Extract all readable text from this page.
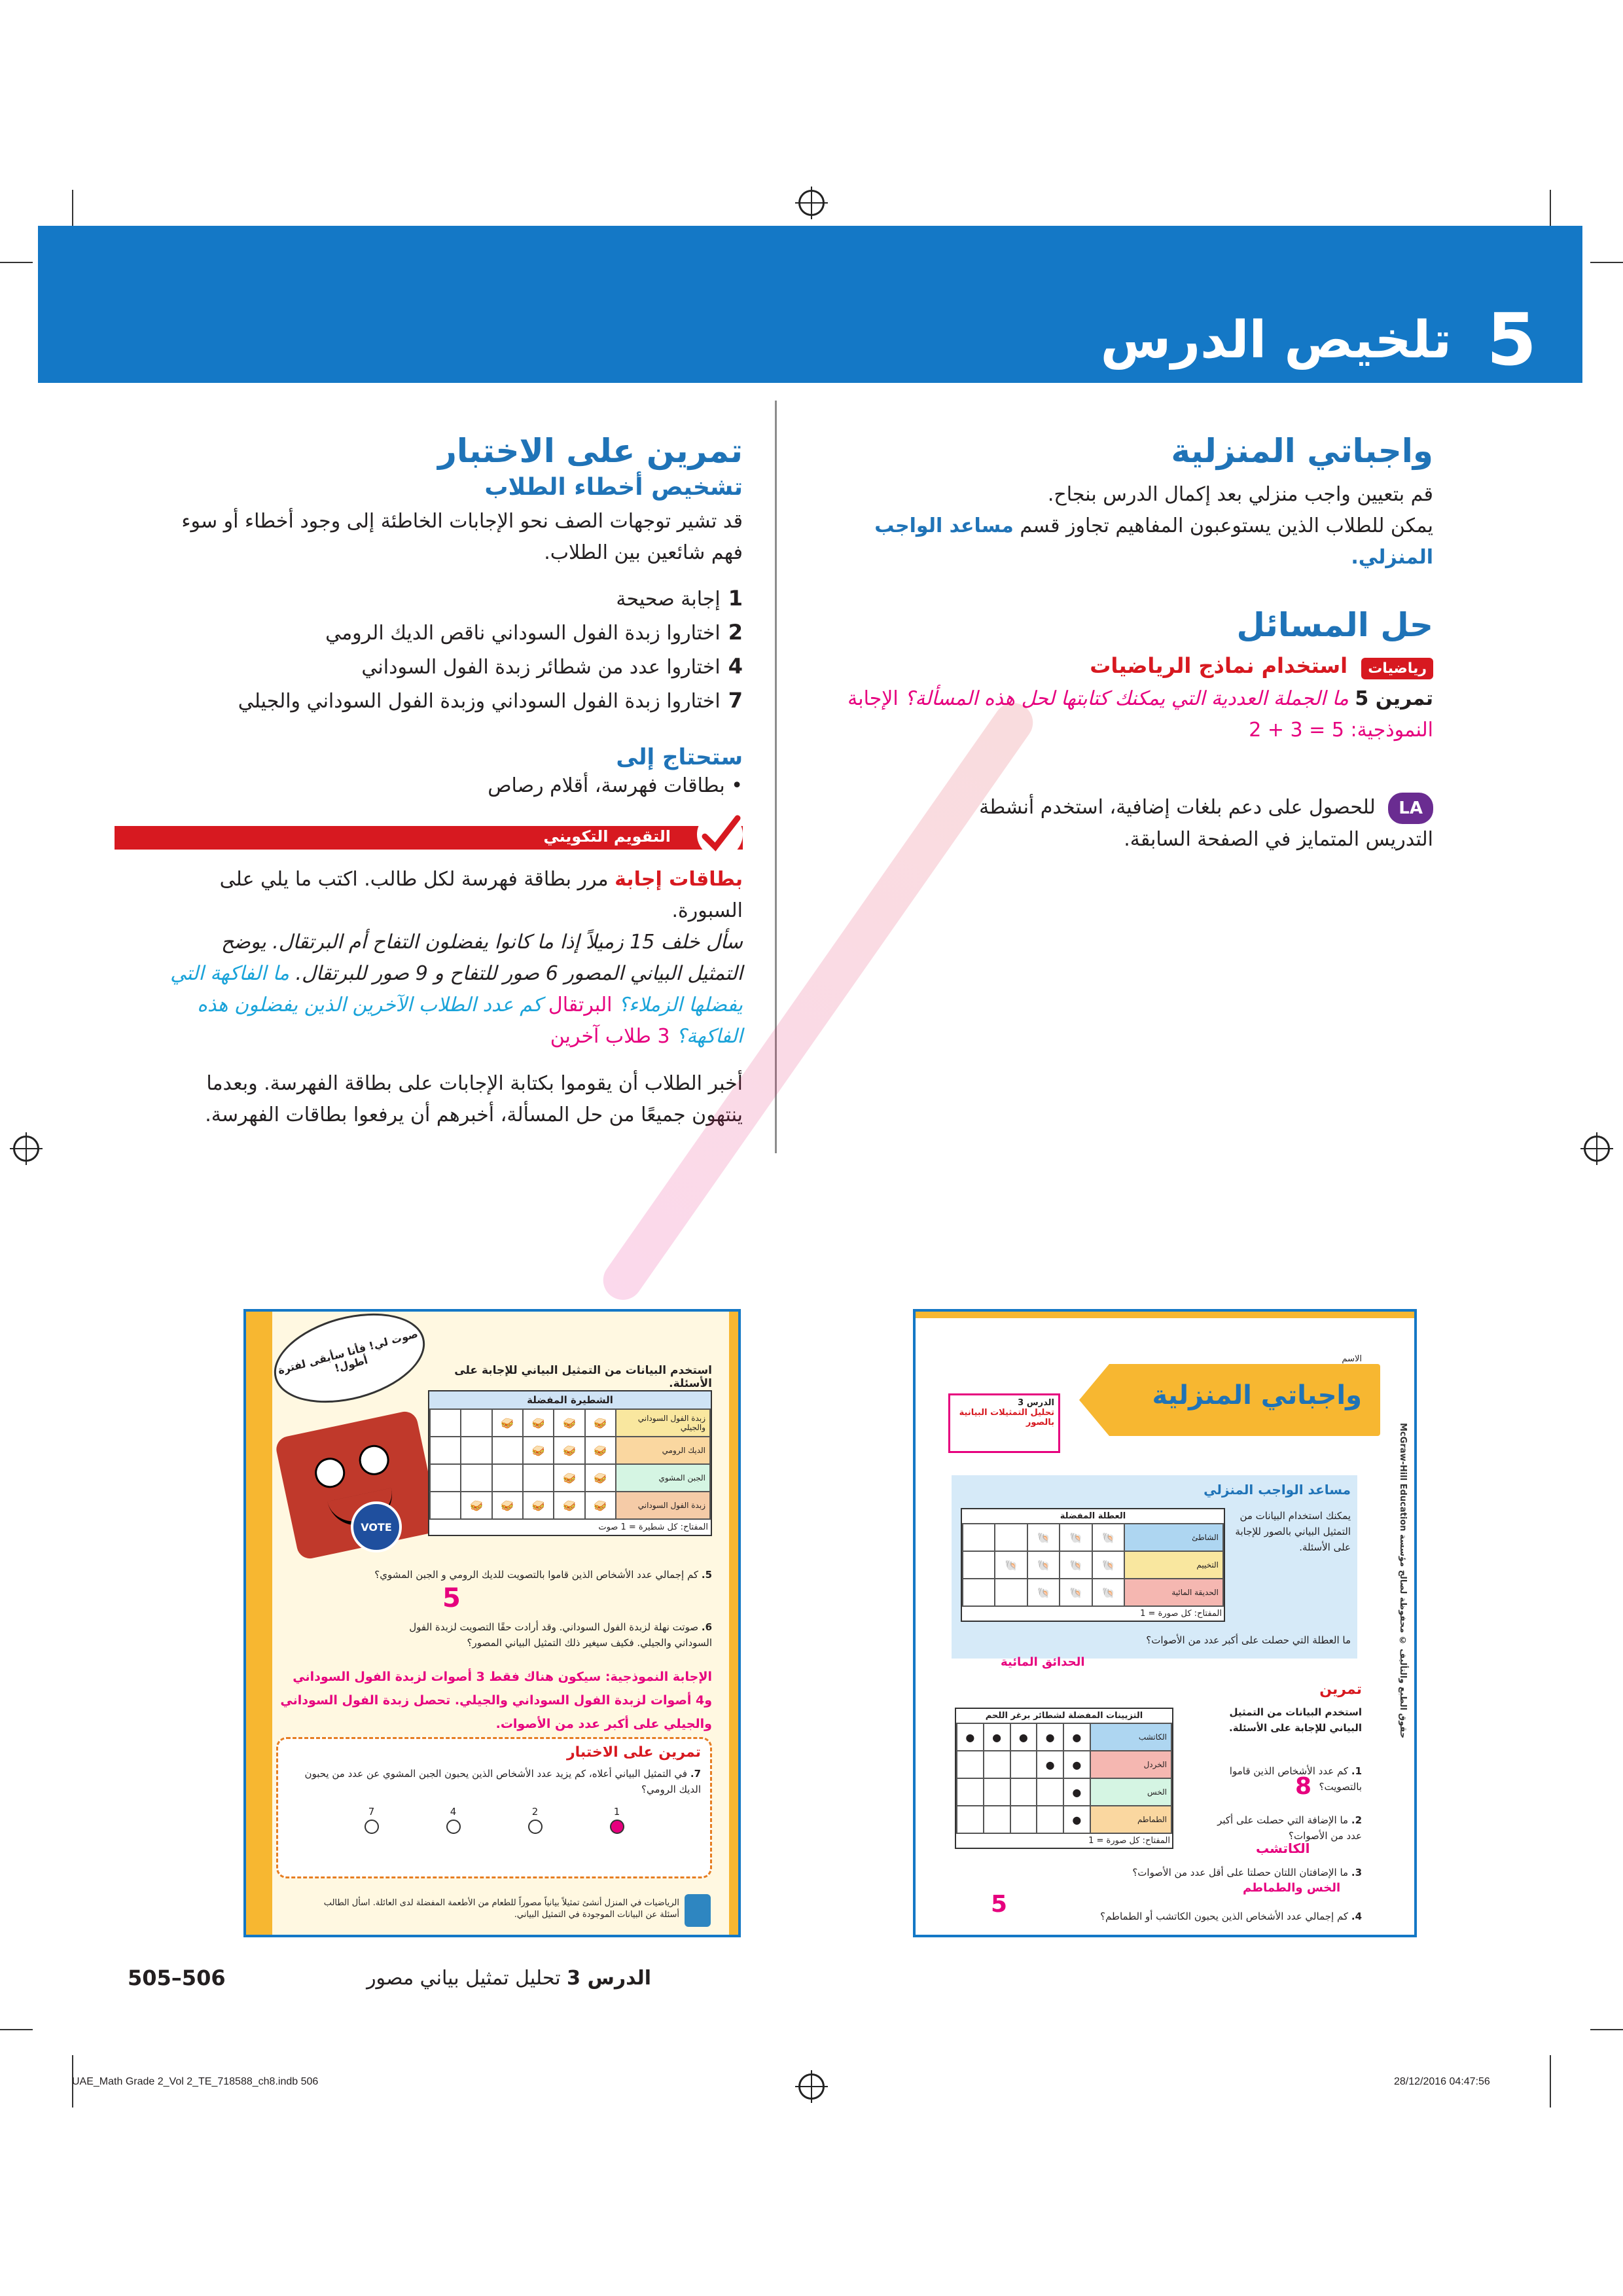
5
تلخيص الدرس
واجباتي المنزلية
قم بتعيين واجب منزلي بعد إكمال الدرس بنجاح.
يمكن للطلاب الذين يستوعبون المفاهيم تجاوز قسم مساعد الواجب المنزلي.
حل المسائل
رياضيات استخدام نماذج الرياضيات
تمرين 5 ما الجملة العددية التي يمكنك كتابتها لحل هذه المسألة؟ الإجابة النموذجية: 5 = 3 + 2
LA للحصول على دعم بلغات إضافية، استخدم أنشطة التدريس المتمايز في الصفحة السابقة.
تمرين على الاختبار
تشخيص أخطاء الطلاب
قد تشير توجهات الصف نحو الإجابات الخاطئة إلى وجود أخطاء أو سوء فهم شائعين بين الطلاب.
1إجابة صحيحة
2اختاروا زبدة الفول السوداني ناقص الديك الرومي
4اختاروا عدد من شطائر زبدة الفول السوداني
7اختاروا زبدة الفول السوداني وزبدة الفول السوداني والجيلي
ستحتاج إلى
• بطاقات فهرسة، أقلام رصاص
التقويم التكويني
بطاقات إجابة مرر بطاقة فهرسة لكل طالب. اكتب ما يلي على السبورة.
سأل خلف 15 زميلاً إذا ما كانوا يفضلون التفاح أم البرتقال. يوضح التمثيل البياني المصور 6 صور للتفاح و 9 صور للبرتقال. ما الفاكهة التي يفضلها الزملاء؟ البرتقال كم عدد الطلاب الآخرين الذين يفضلون هذه الفاكهة؟ 3 طلاب آخرين
أخبر الطلاب أن يقوموا بكتابة الإجابات على بطاقة الفهرسة. وبعدما ينتهون جميعًا من حل المسألة، أخبرهم أن يرفعوا بطاقات الفهرسة.
صوت لي! فأنا سأبقى لفترة أطول!
VOTE
استخدم البيانات من التمثيل البياني للإجابة على الأسئلة.
الشطيرة المفضلة
زبدة الفول السوداني والجيلي	🥪	🥪	🥪	🥪		
الديك الرومي	🥪	🥪	🥪			
الجبن المشوي	🥪	🥪				
زبدة الفول السوداني	🥪	🥪	🥪	🥪	🥪	
المفتاح: كل شطيرة = 1 صوت
5. كم إجمالي عدد الأشخاص الذين قاموا بالتصويت للديك الرومي و الجبن المشوي؟
5
6. صوتت نهلة لزبدة الفول السوداني. وقد أرادت حقًا التصويت لزبدة الفول السوداني والجيلي. فكيف سيغير ذلك التمثيل البياني المصور؟
الإجابة النموذجية: سيكون هناك فقط 3 أصوات لزبدة الفول السوداني و4 أصوات لزبدة الفول السوداني والجيلي. تحصل زبدة الفول السوداني والجيلي على أكبر عدد من الأصوات.
تمرين على الاختبار
7. في التمثيل البياني أعلاه، كم يزيد عدد الأشخاص الذين يحبون الجبن المشوي عن عدد من يحبون الديك الرومي؟
1
2
4
7
الرياضيات في المنزل أنشئ تمثيلاً بيانياً مصوراً للطعام من الأطعمة المفضلة لدى العائلة. اسأل الطالب أسئلة عن البيانات الموجودة في التمثيل البياني.
الاسم
واجباتي المنزلية
الدرس 3
تحليل التمثيلات البيانية بالصور
مساعد الواجب المنزلي
يمكنك استخدام البيانات من التمثيل البياني بالصور للإجابة على الأسئلة.
العطلة المفضلة
الشاطئ	🐚	🐚	🐚		
التخييم	🐚	🐚	🐚	🐚	
الحديقة المائية	🐚	🐚	🐚		
المفتاح: كل صورة = 1
ما العطلة التي حصلت على أكبر عدد من الأصوات؟
الحدائق المائية
تمرين
استخدم البيانات من التمثيل البياني للإجابة على الأسئلة.
التزيينات المفضلة لشطائر برغر اللحم
الكاتشب	●	●	●	●	●
الخردل	●	●			
الخس	●				
الطماطم	●				
المفتاح: كل صورة = 1
1. كم عدد الأشخاص الذين قاموا بالتصويت؟
8
2. ما الإضافة التي حصلت على أكبر عدد من الأصوات؟
الكاتشب
3. ما الإضافتان اللتان حصلتا على أقل عدد من الأصوات؟
الخس والطماطم
5	4. كم إجمالي عدد الأشخاص الذين يحبون الكاتشب أو الطماطم؟
McGraw-Hill Education حقوق الطبع والتأليف © محفوظة لصالح مؤسسة
الدرس 3 تحليل تمثيل بياني مصور
505–506
UAE_Math Grade 2_Vol 2_TE_718588_ch8.indb 506	28/12/2016 04:47:56
